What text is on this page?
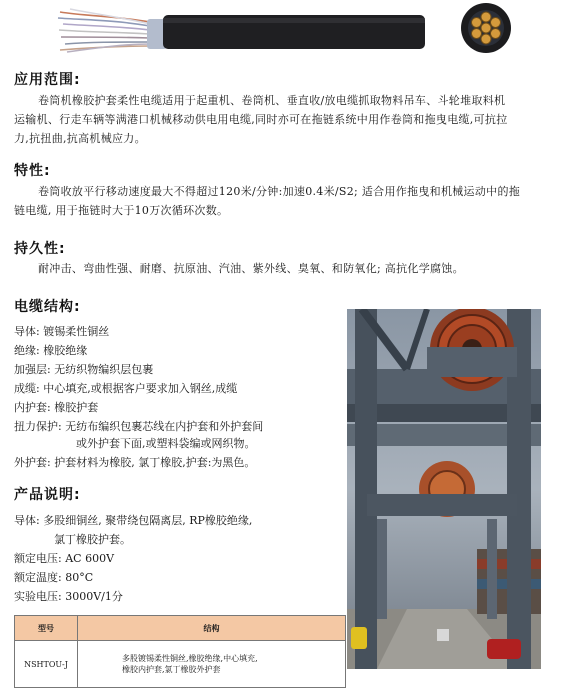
应用范围:
卷筒机橡胶护套柔性电缆适用于起重机、卷筒机、垂直收/放电缆抓取物料吊车、斗轮堆取料机
运输机、行走车辆等满港口机械移动供电用电缆,同时亦可在拖链系统中用作卷筒和拖曳电缆,可抗拉
力,抗扭曲,抗高机械应力。
特性:
卷筒收放平行移动速度最大不得超过120米/分钟:加速0.4米/S2; 适合用作拖曳和机械运动中的拖
链电缆, 用于拖链时大于10万次循环次数。
持久性:
耐冲击、弯曲性强、耐磨、抗原油、汽油、紫外线、臭氧、和防氧化; 高抗化学腐蚀。
电缆结构:
导体: 镀锡柔性铜丝
绝缘: 橡胶绝缘
加强层: 无纺织物编织层包裹
成缆: 中心填充,或根据客户要求加入钢丝,成缆
内护套: 橡胶护套
扭力保护: 无纺布编织包裹芯线在内护套和外护套间
或外护套下面,或塑料袋编或网织物。
外护套: 护套材料为橡胶, 氯丁橡胶,护套:为黑色。
产品说明:
导体: 多股细铜丝, 聚带绕包隔离层, RP橡胶绝缘,
氯丁橡胶护套。
额定电压: AC 600V
额定温度: 80°C
实验电压: 3000V/1分
型号	结构
NSHTOU-J	多股镀锡柔性铜丝,橡胶绝缘,中心填充,
橡胶内护套,氯丁橡胶外护套
